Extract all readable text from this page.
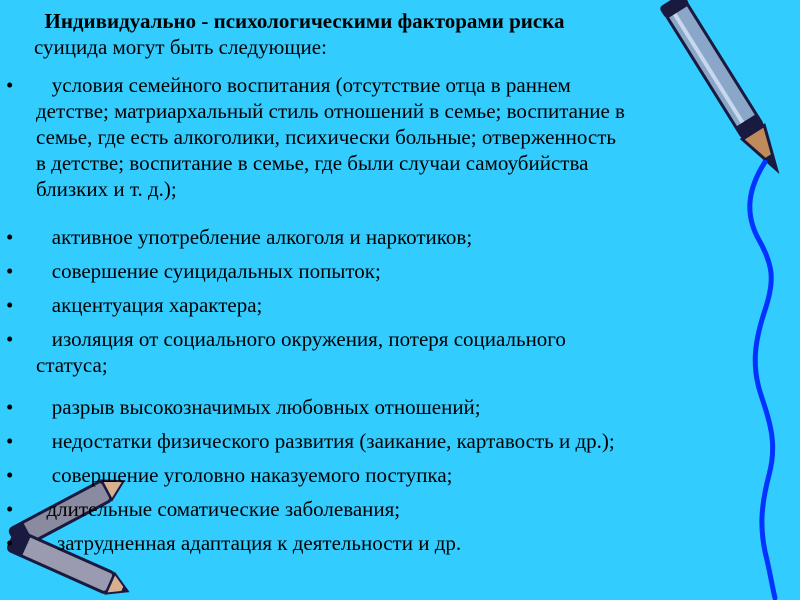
Индивидуально - психологическими факторами риска
суицида могут быть следующие:
• условия семейного воспитания (отсутствие отца в раннем
детстве; матриархальный стиль отношений в семье; воспитание в
семье, где есть алкоголики, психически больные; отверженность
в детстве; воспитание в семье, где были случаи самоубийства
близких и т. д.);
• активное употребление алкоголя и наркотиков;
• совершение суицидальных попыток;
• акцентуация характера;
• изоляция от социального окружения, потеря социального
статуса;
• разрыв высокозначимых любовных отношений;
• недостатки физического развития (заикание, картавость и др.);
• совершение уголовно наказуемого поступка;
• длительные соматические заболевания;
• затрудненная адаптация к деятельности и др.
